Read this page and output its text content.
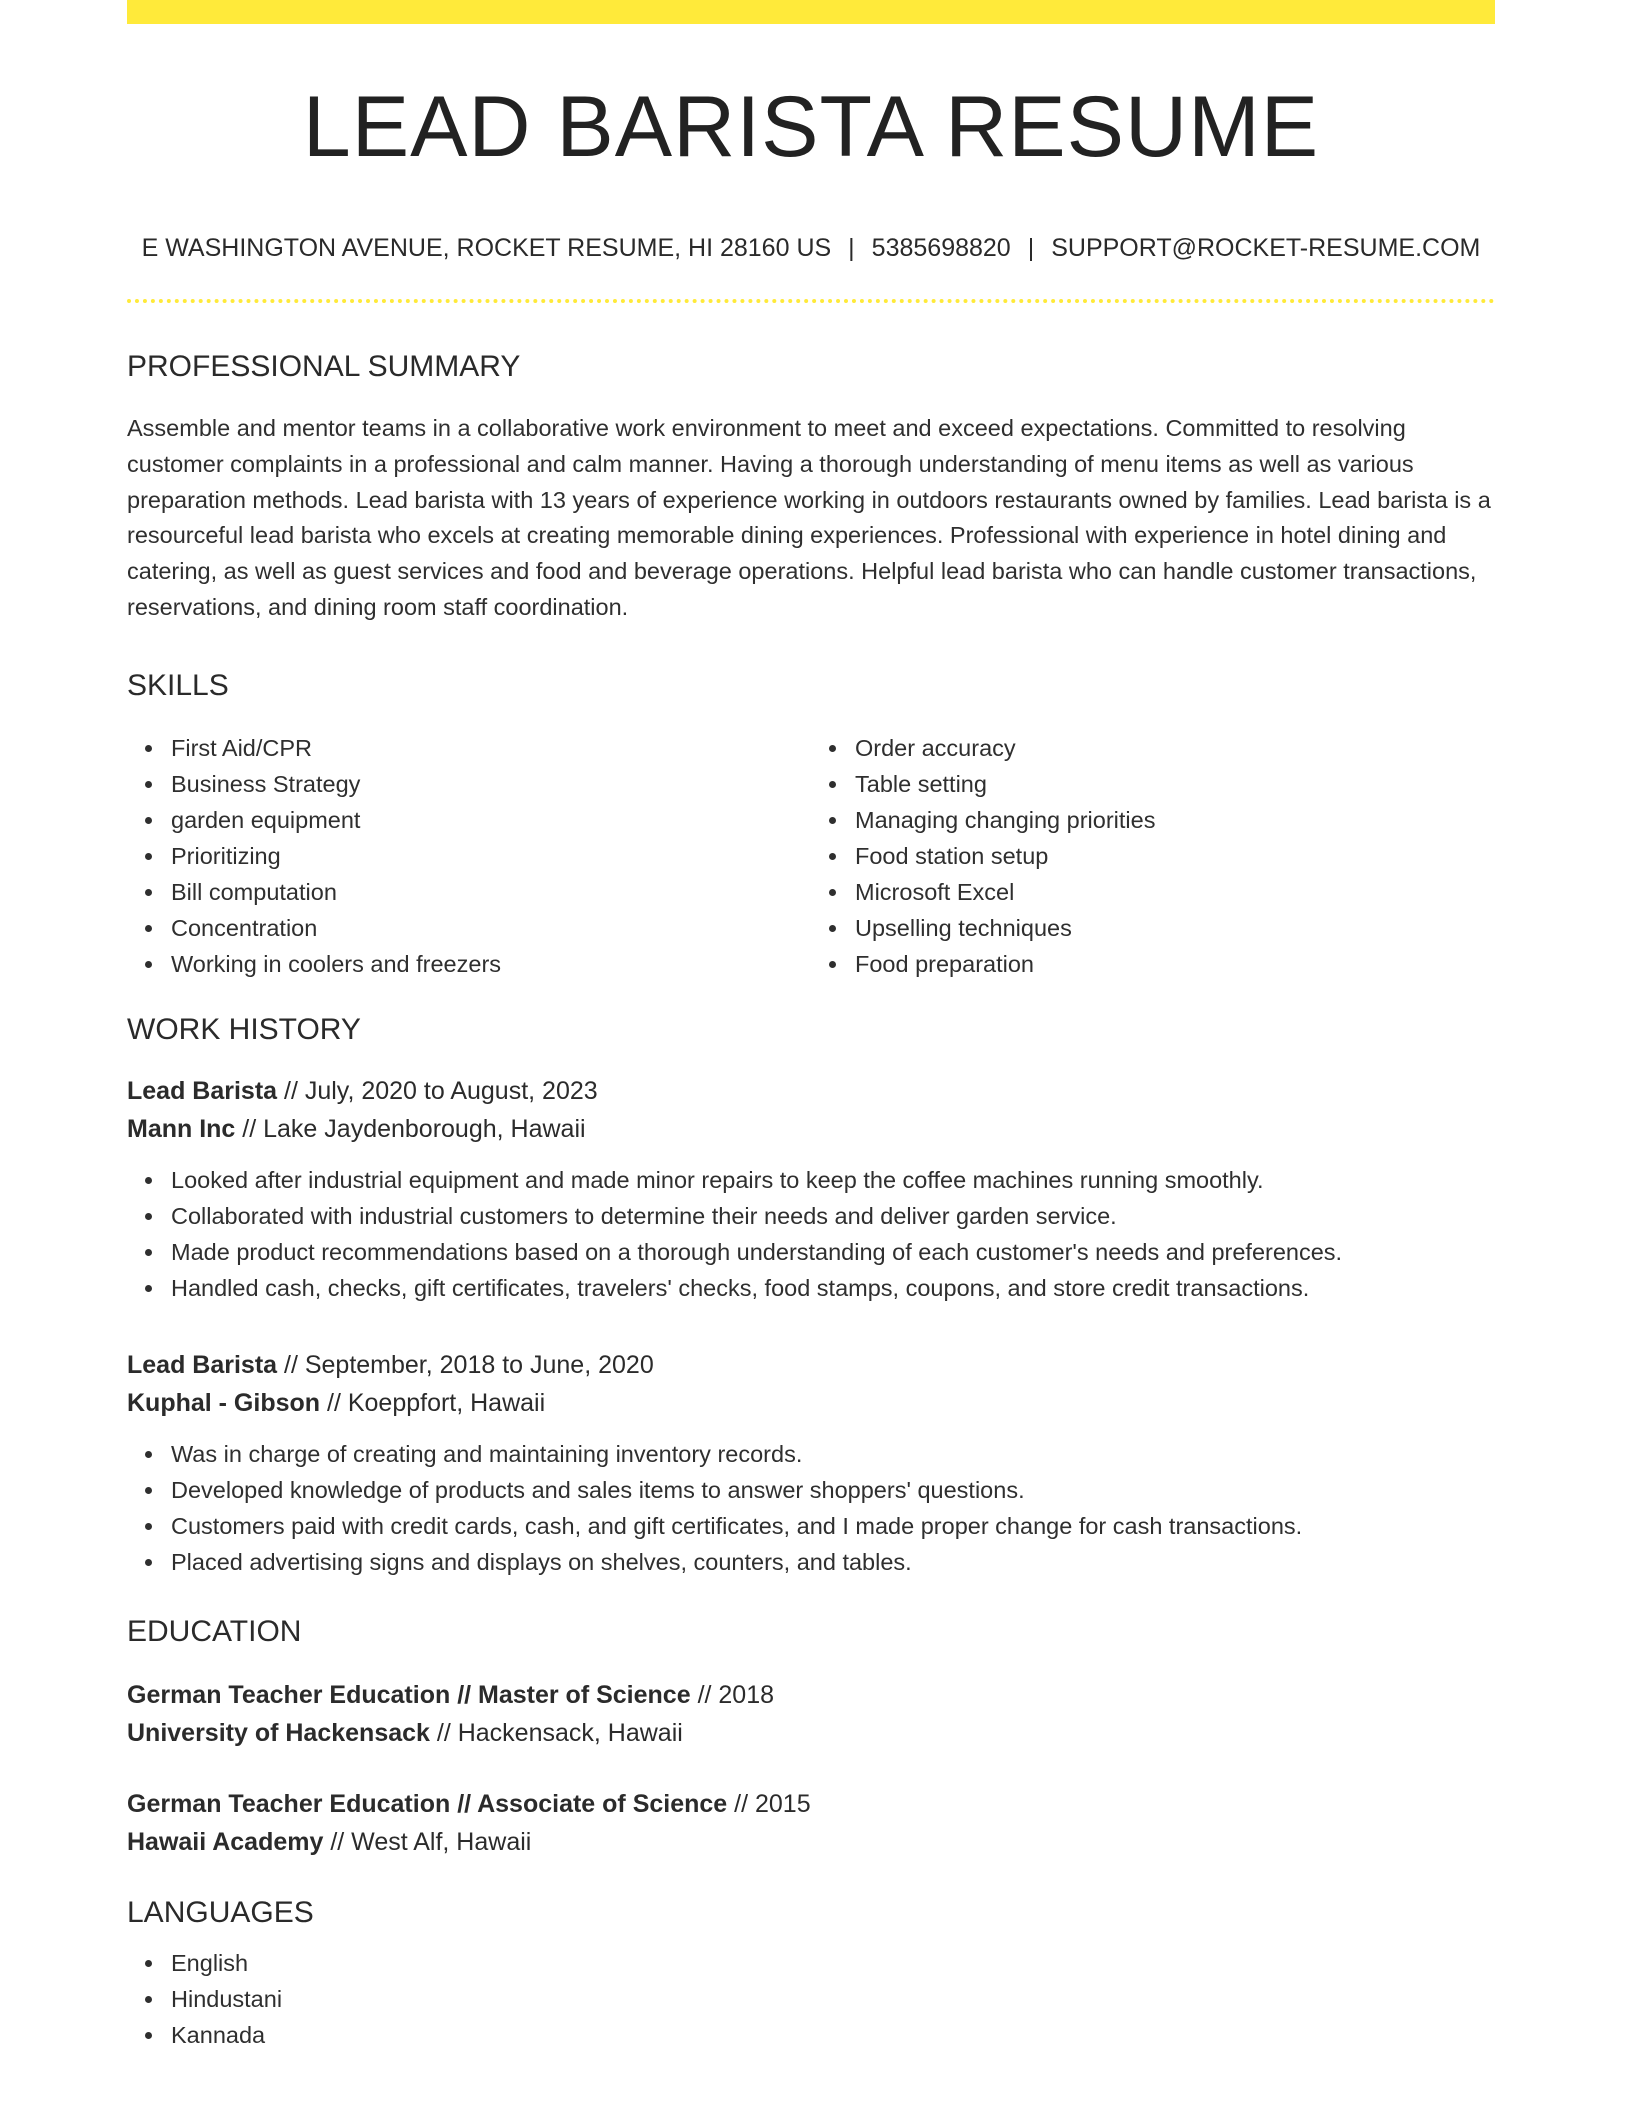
LEAD BARISTA RESUME
E WASHINGTON AVENUE, ROCKET RESUME, HI 28160 US | 5385698820 | SUPPORT@ROCKET-RESUME.COM
PROFESSIONAL SUMMARY

Assemble and mentor teams in a collaborative work environment to meet and exceed expectations. Committed to resolving customer complaints in a professional and calm manner. Having a thorough understanding of menu items as well as various preparation methods. Lead barista with 13 years of experience working in outdoors restaurants owned by families. Lead barista is a resourceful lead barista who excels at creating memorable dining experiences. Professional with experience in hotel dining and catering, as well as guest services and food and beverage operations. Helpful lead barista who can handle customer transactions, reservations, and dining room staff coordination.

SKILLS
First Aid/CPR
Business Strategy
garden equipment
Prioritizing
Bill computation
Concentration
Working in coolers and freezers
Order accuracy
Table setting
Managing changing priorities
Food station setup
Microsoft Excel
Upselling techniques
Food preparation
WORK HISTORY
Lead Barista // July, 2020 to August, 2023
Mann Inc // Lake Jaydenborough, Hawaii
Looked after industrial equipment and made minor repairs to keep the coffee machines running smoothly.
Collaborated with industrial customers to determine their needs and deliver garden service.
Made product recommendations based on a thorough understanding of each customer's needs and preferences.
Handled cash, checks, gift certificates, travelers' checks, food stamps, coupons, and store credit transactions.
Lead Barista // September, 2018 to June, 2020
Kuphal - Gibson // Koeppfort, Hawaii
Was in charge of creating and maintaining inventory records.
Developed knowledge of products and sales items to answer shoppers' questions.
Customers paid with credit cards, cash, and gift certificates, and I made proper change for cash transactions.
Placed advertising signs and displays on shelves, counters, and tables.
EDUCATION
German Teacher Education // Master of Science // 2018
University of Hackensack // Hackensack, Hawaii
German Teacher Education // Associate of Science // 2015
Hawaii Academy // West Alf, Hawaii
LANGUAGES
English
Hindustani
Kannada
